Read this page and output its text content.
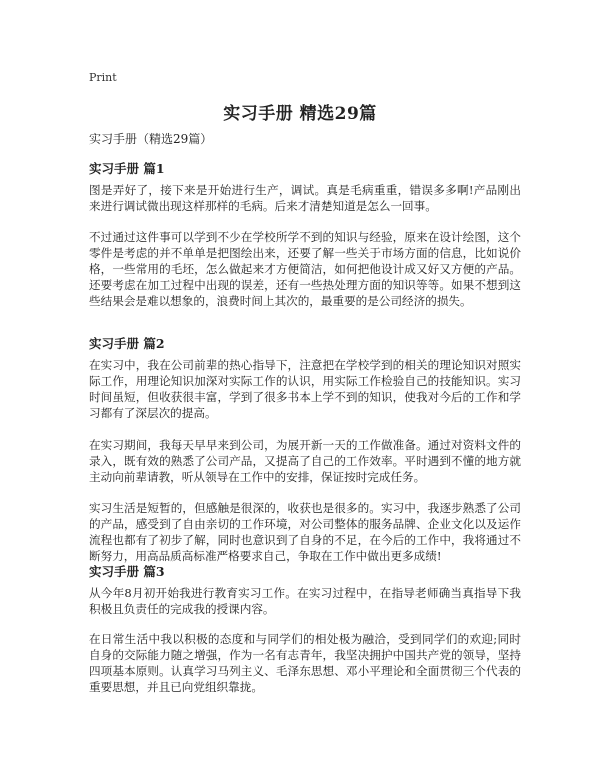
Print
实习手册 精选29篇
实习手册（精选29篇）
实习手册 篇1

图是弄好了，接下来是开始进行生产，调试。真是毛病重重，错误多多啊!产品刚出来进行调试微出现这样那样的毛病。后来才清楚知道是怎么一回事。

不过通过这件事可以学到不少在学校所学不到的知识与经验，原来在设计绘图，这个零件是考虑的并不单单是把图绘出来，还要了解一些关于市场方面的信息，比如说价格，一些常用的毛坯，怎么做起来才方便简洁，如何把他设计成又好又方便的产品。还要考虑在加工过程中出现的误差，还有一些热处理方面的知识等等。如果不想到这些结果会是难以想象的，浪费时间上其次的，最重要的是公司经济的损失。

实习手册 篇2

在实习中，我在公司前辈的热心指导下，注意把在学校学到的相关的理论知识对照实际工作，用理论知识加深对实际工作的认识，用实际工作检验自己的技能知识。实习时间虽短，但收获很丰富，学到了很多书本上学不到的知识，使我对今后的工作和学习都有了深层次的提高。

在实习期间，我每天早早来到公司，为展开新一天的工作做准备。通过对资料文件的录入，既有效的熟悉了公司产品，又提高了自己的工作效率。平时遇到不懂的地方就主动向前辈请教，听从领导在工作中的安排，保证按时完成任务。

实习生活是短暂的，但感触是很深的，收获也是很多的。实习中，我逐步熟悉了公司的产品，感受到了自由亲切的工作环境，对公司整体的服务品牌、企业文化以及运作流程也都有了初步了解，同时也意识到了自身的不足，在今后的工作中，我将通过不断努力，用高品质高标准严格要求自己，争取在工作中做出更多成绩!

实习手册 篇3

从今年8月初开始我进行教育实习工作。在实习过程中，在指导老师确当真指导下我积极且负责任的完成我的授课内容。

在日常生活中我以积极的态度和与同学们的相处极为融洽，受到同学们的欢迎;同时自身的交际能力随之增强，作为一名有志青年，我坚决拥护中国共产党的领导，坚持四项基本原则。认真学习马列主义、毛泽东思想、邓小平理论和全面贯彻三个代表的重要思想，并且已向党组织靠拢。
